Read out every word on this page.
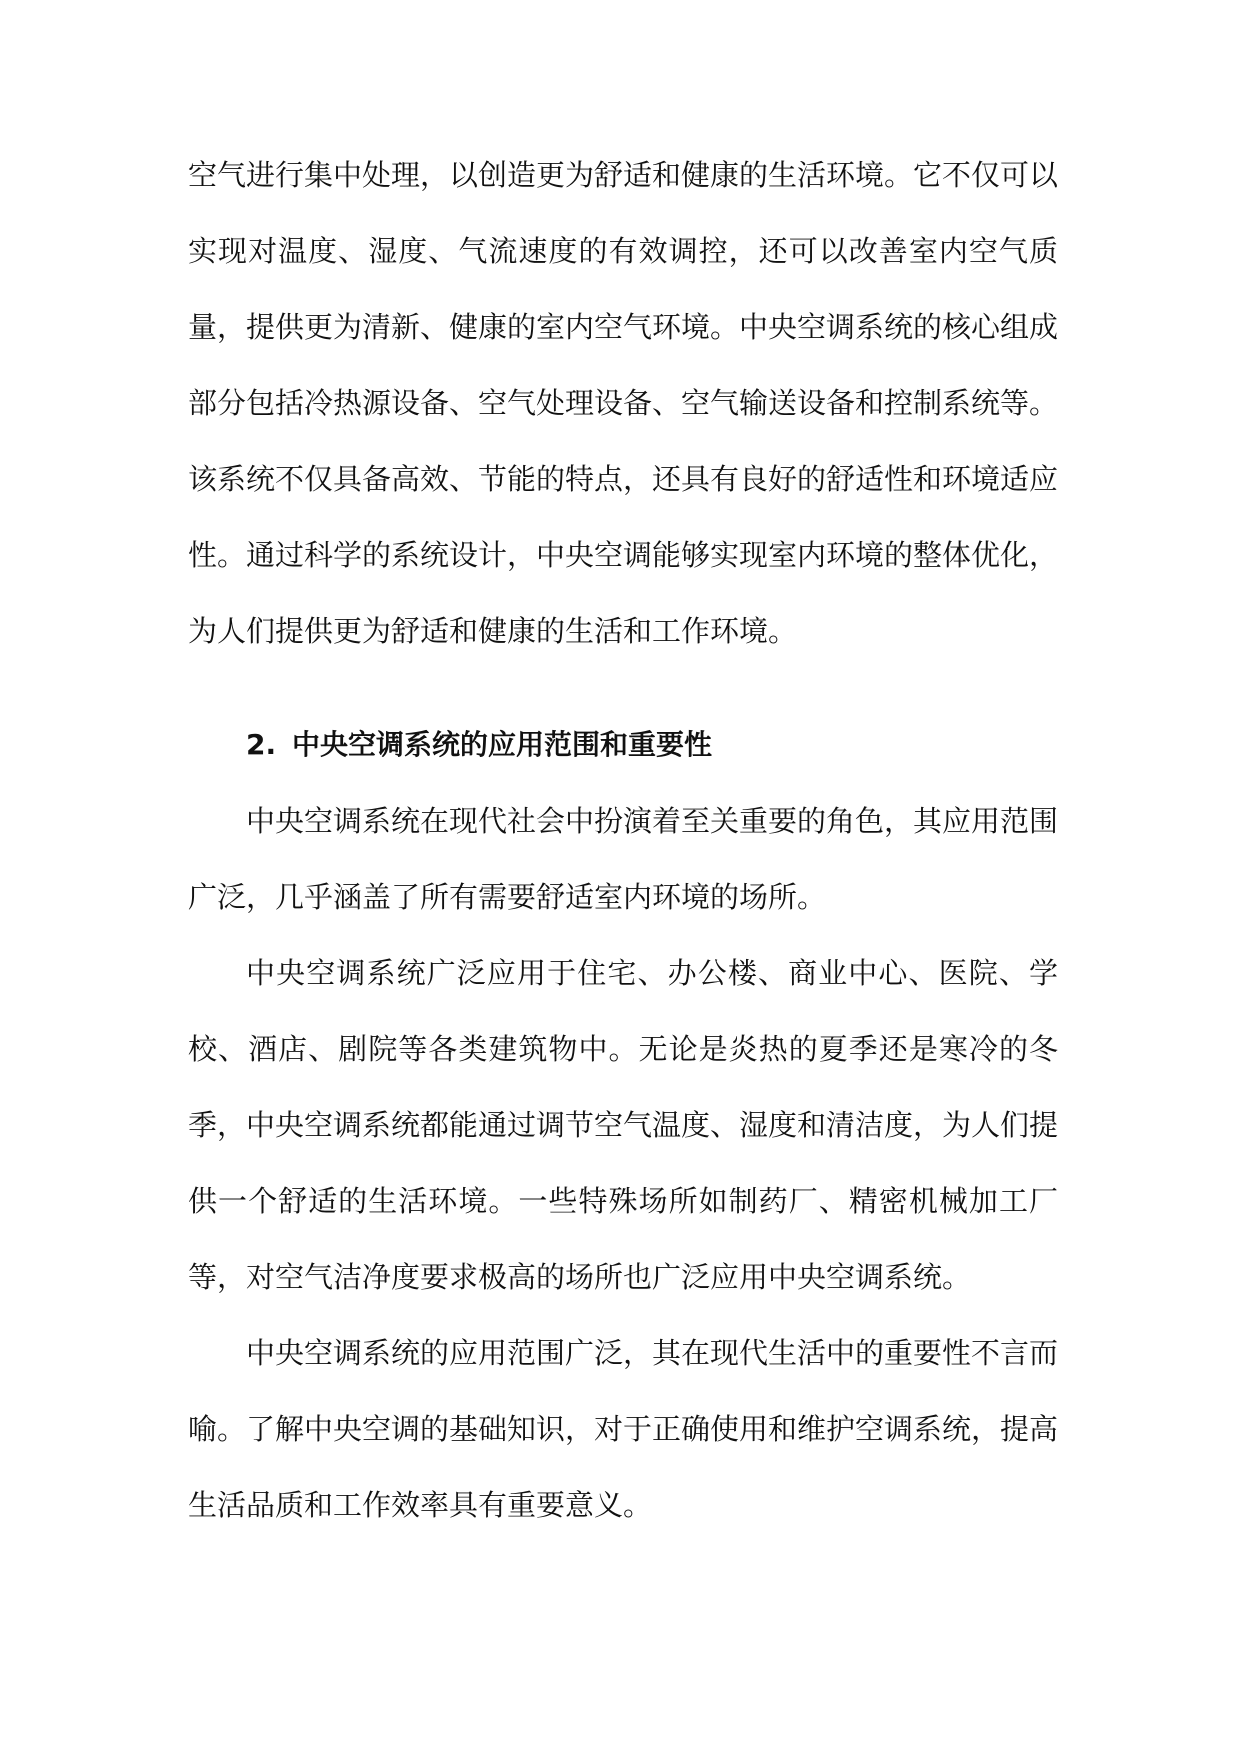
空气进行集中处理，以创造更为舒适和健康的生活环境。它不仅可以实现对温度、湿度、气流速度的有效调控，还可以改善室内空气质量，提供更为清新、健康的室内空气环境。中央空调系统的核心组成部分包括冷热源设备、空气处理设备、空气输送设备和控制系统等。该系统不仅具备高效、节能的特点，还具有良好的舒适性和环境适应性。通过科学的系统设计，中央空调能够实现室内环境的整体优化，为人们提供更为舒适和健康的生活和工作环境。

2. 中央空调系统的应用范围和重要性

中央空调系统在现代社会中扮演着至关重要的角色，其应用范围广泛，几乎涵盖了所有需要舒适室内环境的场所。

中央空调系统广泛应用于住宅、办公楼、商业中心、医院、学校、酒店、剧院等各类建筑物中。无论是炎热的夏季还是寒冷的冬季，中央空调系统都能通过调节空气温度、湿度和清洁度，为人们提供一个舒适的生活环境。一些特殊场所如制药厂、精密机械加工厂等，对空气洁净度要求极高的场所也广泛应用中央空调系统。

中央空调系统的应用范围广泛，其在现代生活中的重要性不言而喻。了解中央空调的基础知识，对于正确使用和维护空调系统，提高生活品质和工作效率具有重要意义。
